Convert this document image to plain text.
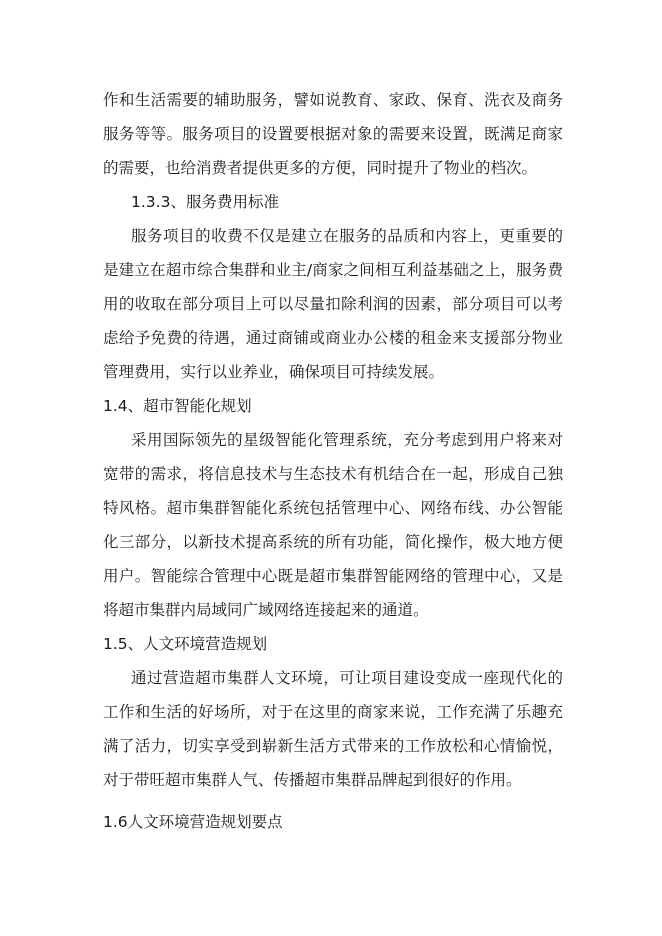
作和生活需要的辅助服务，譬如说教育、家政、保育、洗衣及商务
服务等等。服务项目的设置要根据对象的需要来设置，既满足商家
的需要，也给消费者提供更多的方便，同时提升了物业的档次。
1.3.3、服务费用标准
服务项目的收费不仅是建立在服务的品质和内容上，更重要的
是建立在超市综合集群和业主/商家之间相互利益基础之上，服务费
用的收取在部分项目上可以尽量扣除利润的因素，部分项目可以考
虑给予免费的待遇，通过商铺或商业办公楼的租金来支援部分物业
管理费用，实行以业养业，确保项目可持续发展。
1.4、超市智能化规划
采用国际领先的星级智能化管理系统，充分考虑到用户将来对
宽带的需求，将信息技术与生态技术有机结合在一起，形成自己独
特风格。超市集群智能化系统包括管理中心、网络布线、办公智能
化三部分，以新技术提高系统的所有功能，简化操作，极大地方便
用户。智能综合管理中心既是超市集群智能网络的管理中心，又是
将超市集群内局域同广域网络连接起来的通道。
1.5、人文环境营造规划
通过营造超市集群人文环境，可让项目建设变成一座现代化的
工作和生活的好场所，对于在这里的商家来说，工作充满了乐趣充
满了活力，切实享受到崭新生活方式带来的工作放松和心情愉悦，
对于带旺超市集群人气、传播超市集群品牌起到很好的作用。
1.6人文环境营造规划要点
